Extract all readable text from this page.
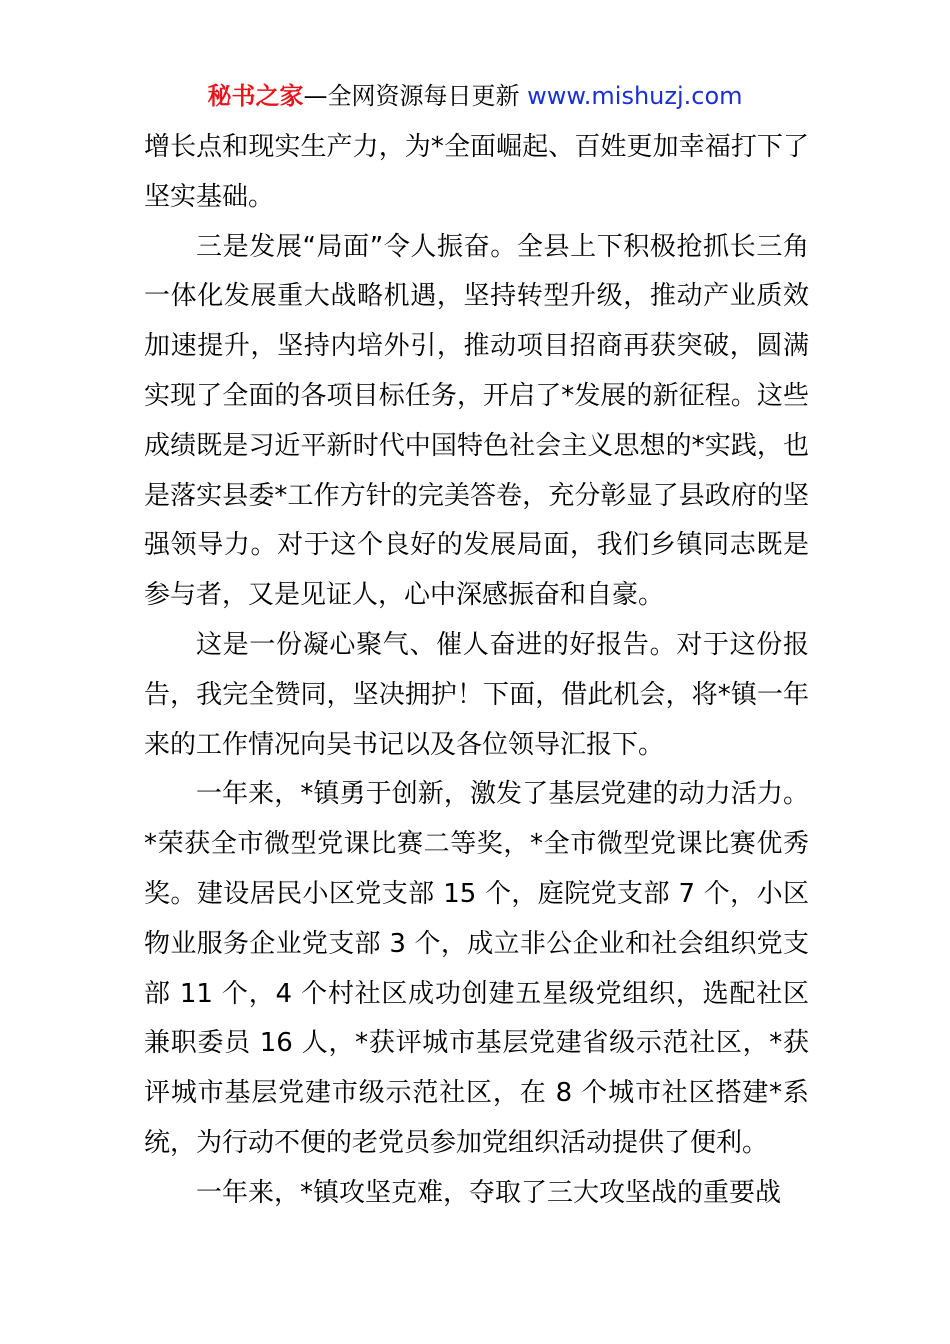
秘书之家—全网资源每日更新 www.mishuzj.com

增长点和现实生产力，为*全面崛起、百姓更加幸福打下了坚实基础。

三是发展“局面”令人振奋。全县上下积极抢抓长三角一体化发展重大战略机遇，坚持转型升级，推动产业质效加速提升，坚持内培外引，推动项目招商再获突破，圆满实现了全面的各项目标任务，开启了*发展的新征程。这些成绩既是习近平新时代中国特色社会主义思想的*实践，也是落实县委*工作方针的完美答卷，充分彰显了县政府的坚强领导力。对于这个良好的发展局面，我们乡镇同志既是参与者，又是见证人，心中深感振奋和自豪。

这是一份凝心聚气、催人奋进的好报告。对于这份报告，我完全赞同，坚决拥护！下面，借此机会，将*镇一年来的工作情况向吴书记以及各位领导汇报下。

一年来，*镇勇于创新，激发了基层党建的动力活力。*荣获全市微型党课比赛二等奖，*全市微型党课比赛优秀奖。建设居民小区党支部 15 个，庭院党支部 7 个，小区物业服务企业党支部 3 个，成立非公企业和社会组织党支部 11 个，4 个村社区成功创建五星级党组织，选配社区兼职委员 16 人，*获评城市基层党建省级示范社区，*获评城市基层党建市级示范社区，在 8 个城市社区搭建*系统，为行动不便的老党员参加党组织活动提供了便利。

一年来，*镇攻坚克难，夺取了三大攻坚战的重要战
